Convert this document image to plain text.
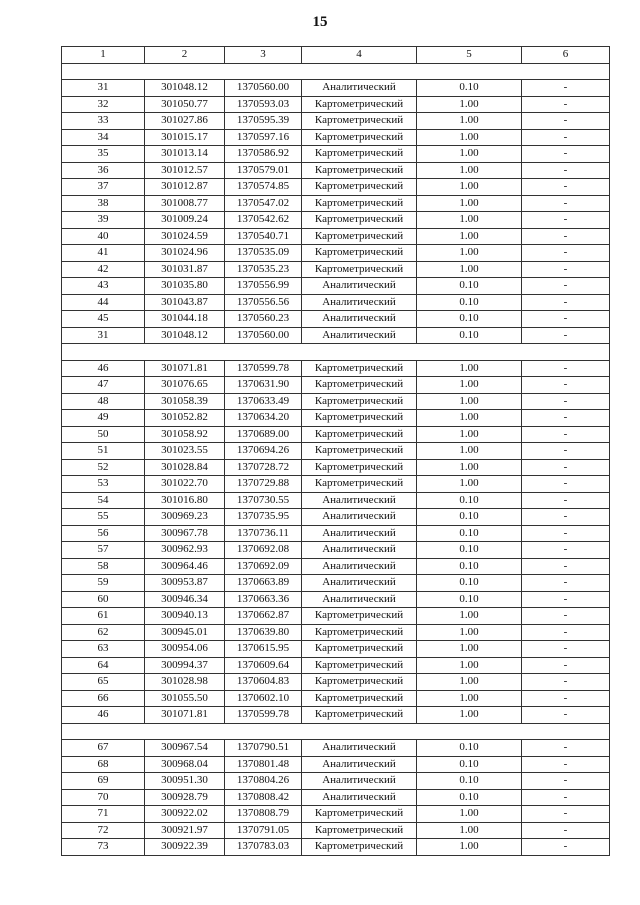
15
1	2	3	4	5	6

31	301048.12	1370560.00	Аналитический	0.10	-
32	301050.77	1370593.03	Картометрический	1.00	-
33	301027.86	1370595.39	Картометрический	1.00	-
34	301015.17	1370597.16	Картометрический	1.00	-
35	301013.14	1370586.92	Картометрический	1.00	-
36	301012.57	1370579.01	Картометрический	1.00	-
37	301012.87	1370574.85	Картометрический	1.00	-
38	301008.77	1370547.02	Картометрический	1.00	-
39	301009.24	1370542.62	Картометрический	1.00	-
40	301024.59	1370540.71	Картометрический	1.00	-
41	301024.96	1370535.09	Картометрический	1.00	-
42	301031.87	1370535.23	Картометрический	1.00	-
43	301035.80	1370556.99	Аналитический	0.10	-
44	301043.87	1370556.56	Аналитический	0.10	-
45	301044.18	1370560.23	Аналитический	0.10	-
31	301048.12	1370560.00	Аналитический	0.10	-

46	301071.81	1370599.78	Картометрический	1.00	-
47	301076.65	1370631.90	Картометрический	1.00	-
48	301058.39	1370633.49	Картометрический	1.00	-
49	301052.82	1370634.20	Картометрический	1.00	-
50	301058.92	1370689.00	Картометрический	1.00	-
51	301023.55	1370694.26	Картометрический	1.00	-
52	301028.84	1370728.72	Картометрический	1.00	-
53	301022.70	1370729.88	Картометрический	1.00	-
54	301016.80	1370730.55	Аналитический	0.10	-
55	300969.23	1370735.95	Аналитический	0.10	-
56	300967.78	1370736.11	Аналитический	0.10	-
57	300962.93	1370692.08	Аналитический	0.10	-
58	300964.46	1370692.09	Аналитический	0.10	-
59	300953.87	1370663.89	Аналитический	0.10	-
60	300946.34	1370663.36	Аналитический	0.10	-
61	300940.13	1370662.87	Картометрический	1.00	-
62	300945.01	1370639.80	Картометрический	1.00	-
63	300954.06	1370615.95	Картометрический	1.00	-
64	300994.37	1370609.64	Картометрический	1.00	-
65	301028.98	1370604.83	Картометрический	1.00	-
66	301055.50	1370602.10	Картометрический	1.00	-
46	301071.81	1370599.78	Картометрический	1.00	-

67	300967.54	1370790.51	Аналитический	0.10	-
68	300968.04	1370801.48	Аналитический	0.10	-
69	300951.30	1370804.26	Аналитический	0.10	-
70	300928.79	1370808.42	Аналитический	0.10	-
71	300922.02	1370808.79	Картометрический	1.00	-
72	300921.97	1370791.05	Картометрический	1.00	-
73	300922.39	1370783.03	Картометрический	1.00	-
